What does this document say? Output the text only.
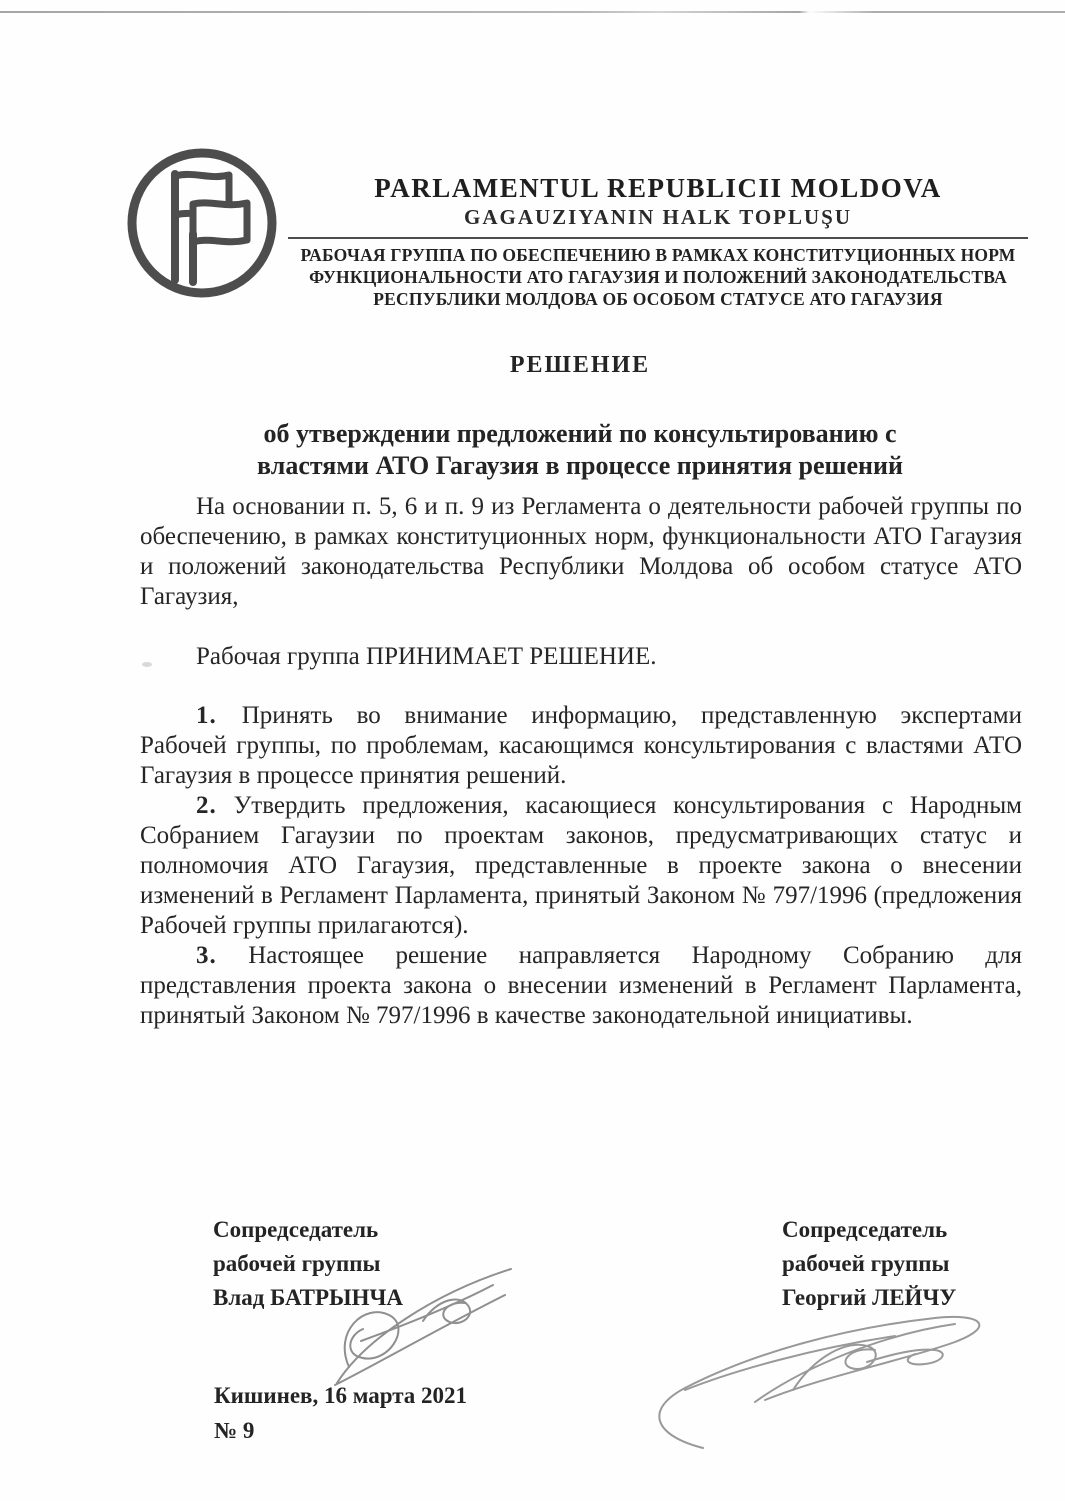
PARLAMENTUL REPUBLICII MOLDOVA
GAGAUZIYANIN HALK TOPLUŞU
РАБОЧАЯ ГРУППА ПО ОБЕСПЕЧЕНИЮ В РАМКАХ КОНСТИТУЦИОННЫХ НОРМ
ФУНКЦИОНАЛЬНОСТИ АТО ГАГАУЗИЯ И ПОЛОЖЕНИЙ ЗАКОНОДАТЕЛЬСТВА
РЕСПУБЛИКИ МОЛДОВА ОБ ОСОБОМ СТАТУСЕ АТО ГАГАУЗИЯ
РЕШЕНИЕ
об утверждении предложений по консультированию с
властями АТО Гагаузия в процессе принятия решений

На основании п. 5, 6 и п. 9 из Регламента о деятельности рабочей группы по обеспечению, в рамках конституционных норм, функциональности АТО Гагаузия и положений законодательства Республики Молдова об особом статусе АТО Гагаузия,

Рабочая группа ПРИНИМАЕТ РЕШЕНИЕ.

1.  Принять во внимание информацию, представленную экспертами Рабочей группы, по проблемам, касающимся консультирования с властями АТО Гагаузия в процессе принятия решений.

2. Утвердить предложения, касающиеся консультирования с Народным Собранием Гагаузии по проектам законов, предусматривающих статус и полномочия АТО Гагаузия, представленные в проекте закона о внесении изменений в Регламент Парламента, принятый Законом № 797/1996 (предложения Рабочей группы прилагаются).

3. Настоящее решение направляется Народному Собранию для представления проекта закона о внесении изменений в Регламент Парламента, принятый Законом № 797/1996 в качестве законодательной инициативы.

Сопредседатель
рабочей группы
Влад БАТРЫНЧА
Сопредседатель
рабочей группы
Георгий ЛЕЙЧУ
Кишинев, 16 марта 2021
№ 9
